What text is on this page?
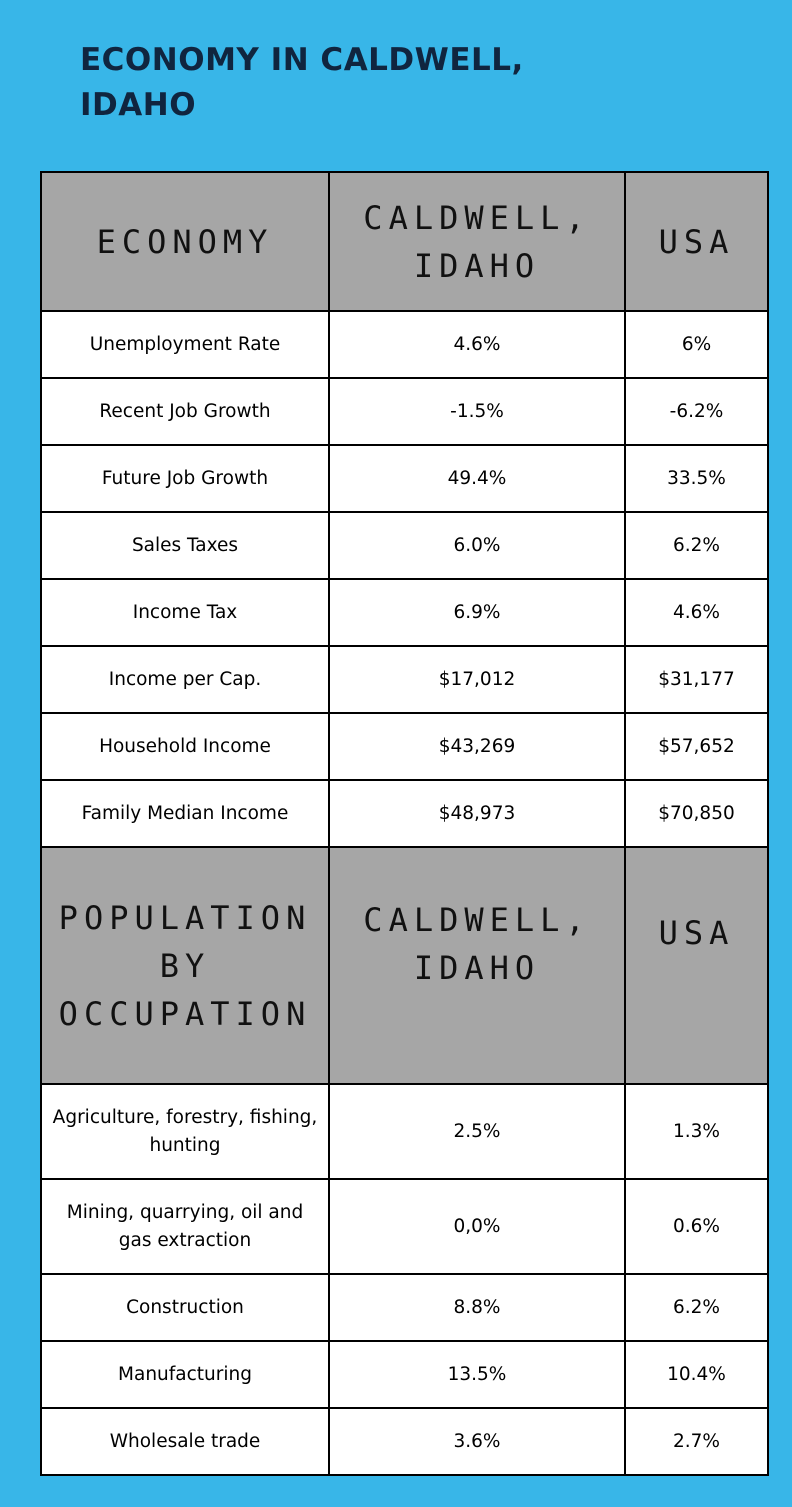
ECONOMY IN CALDWELL, IDAHO
ECONOMY	CALDWELL, IDAHO	USA
Unemployment Rate	4.6%	6%
Recent Job Growth	-1.5%	-6.2%
Future Job Growth	49.4%	33.5%
Sales Taxes	6.0%	6.2%
Income Tax	6.9%	4.6%
Income per Cap.	$17,012	$31,177
Household Income	$43,269	$57,652
Family Median Income	$48,973	$70,850
POPULATION BY OCCUPATION	CALDWELL, IDAHO	USA
Agriculture, forestry, fishing, hunting	2.5%	1.3%
Mining, quarrying, oil and gas extraction	0,0%	0.6%
Construction	8.8%	6.2%
Manufacturing	13.5%	10.4%
Wholesale trade	3.6%	2.7%
